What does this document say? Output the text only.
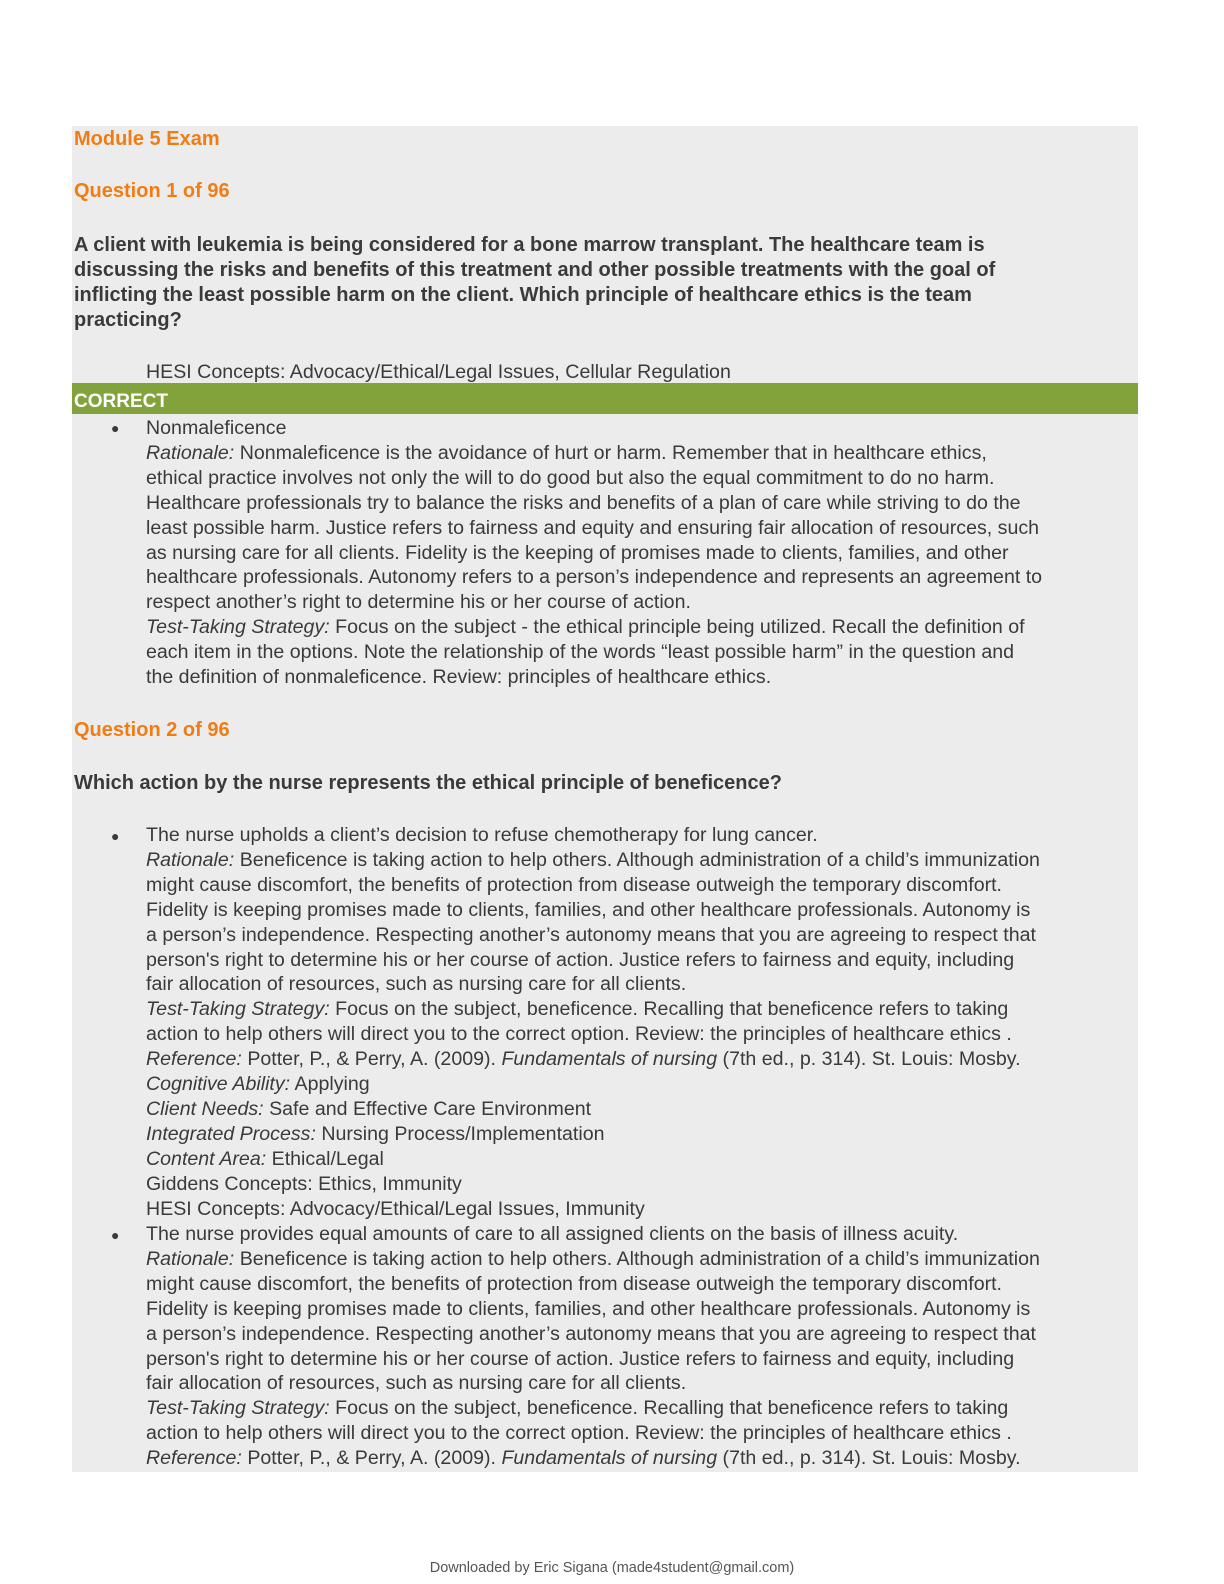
Module 5 Exam
Question 1 of 96
A client with leukemia is being considered for a bone marrow transplant. The healthcare team is
discussing the risks and benefits of this treatment and other possible treatments with the goal of
inflicting the least possible harm on the client. Which principle of healthcare ethics is the team
practicing?
HESI Concepts: Advocacy/Ethical/Legal Issues, Cellular Regulation
CORRECT
● Nonmaleficence
Rationale: Nonmaleficence is the avoidance of hurt or harm. Remember that in healthcare ethics,
ethical practice involves not only the will to do good but also the equal commitment to do no harm.
Healthcare professionals try to balance the risks and benefits of a plan of care while striving to do the
least possible harm. Justice refers to fairness and equity and ensuring fair allocation of resources, such
as nursing care for all clients. Fidelity is the keeping of promises made to clients, families, and other
healthcare professionals. Autonomy refers to a person’s independence and represents an agreement to
respect another’s right to determine his or her course of action.
Test-Taking Strategy: Focus on the subject - the ethical principle being utilized. Recall the definition of
each item in the options. Note the relationship of the words “least possible harm” in the question and
the definition of nonmaleficence. Review: principles of healthcare ethics.
Question 2 of 96
Which action by the nurse represents the ethical principle of beneficence?
● The nurse upholds a client’s decision to refuse chemotherapy for lung cancer.
Rationale: Beneficence is taking action to help others. Although administration of a child’s immunization
might cause discomfort, the benefits of protection from disease outweigh the temporary discomfort.
Fidelity is keeping promises made to clients, families, and other healthcare professionals. Autonomy is
a person’s independence. Respecting another’s autonomy means that you are agreeing to respect that
person's right to determine his or her course of action. Justice refers to fairness and equity, including
fair allocation of resources, such as nursing care for all clients.
Test-Taking Strategy: Focus on the subject, beneficence. Recalling that beneficence refers to taking
action to help others will direct you to the correct option. Review: the principles of healthcare ethics .
Reference: Potter, P., & Perry, A. (2009). Fundamentals of nursing (7th ed., p. 314). St. Louis: Mosby.
Cognitive Ability: Applying
Client Needs: Safe and Effective Care Environment
Integrated Process: Nursing Process/Implementation
Content Area: Ethical/Legal
Giddens Concepts: Ethics, Immunity
HESI Concepts: Advocacy/Ethical/Legal Issues, Immunity
● The nurse provides equal amounts of care to all assigned clients on the basis of illness acuity.
Rationale: Beneficence is taking action to help others. Although administration of a child’s immunization
might cause discomfort, the benefits of protection from disease outweigh the temporary discomfort.
Fidelity is keeping promises made to clients, families, and other healthcare professionals. Autonomy is
a person’s independence. Respecting another’s autonomy means that you are agreeing to respect that
person's right to determine his or her course of action. Justice refers to fairness and equity, including
fair allocation of resources, such as nursing care for all clients.
Test-Taking Strategy: Focus on the subject, beneficence. Recalling that beneficence refers to taking
action to help others will direct you to the correct option. Review: the principles of healthcare ethics .
Reference: Potter, P., & Perry, A. (2009). Fundamentals of nursing (7th ed., p. 314). St. Louis: Mosby.
Downloaded by Eric Sigana (made4student@gmail.com)
